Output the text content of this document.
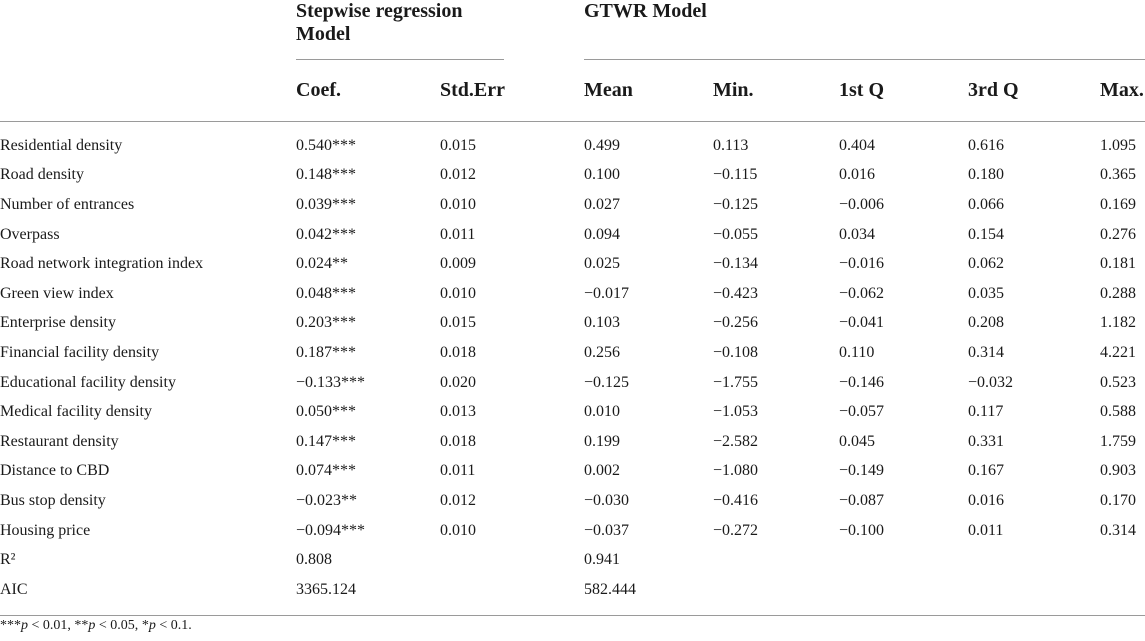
Stepwise regression Model
GTWR Model
Coef.	Std.Err	Mean	Min.	1st Q	3rd Q	Max.
Residential density	0.540***	0.015	0.499	0.113	0.404	0.616	1.095
Road density	0.148***	0.012	0.100	−0.115	0.016	0.180	0.365
Number of entrances	0.039***	0.010	0.027	−0.125	−0.006	0.066	0.169
Overpass	0.042***	0.011	0.094	−0.055	0.034	0.154	0.276
Road network integration index	0.024**	0.009	0.025	−0.134	−0.016	0.062	0.181
Green view index	0.048***	0.010	−0.017	−0.423	−0.062	0.035	0.288
Enterprise density	0.203***	0.015	0.103	−0.256	−0.041	0.208	1.182
Financial facility density	0.187***	0.018	0.256	−0.108	0.110	0.314	4.221
Educational facility density	−0.133***	0.020	−0.125	−1.755	−0.146	−0.032	0.523
Medical facility density	0.050***	0.013	0.010	−1.053	−0.057	0.117	0.588
Restaurant density	0.147***	0.018	0.199	−2.582	0.045	0.331	1.759
Distance to CBD	0.074***	0.011	0.002	−1.080	−0.149	0.167	0.903
Bus stop density	−0.023**	0.012	−0.030	−0.416	−0.087	0.016	0.170
Housing price	−0.094***	0.010	−0.037	−0.272	−0.100	0.011	0.314
R²	0.808		0.941				
AIC	3365.124		582.444				
***p < 0.01, **p < 0.05, *p < 0.1.
